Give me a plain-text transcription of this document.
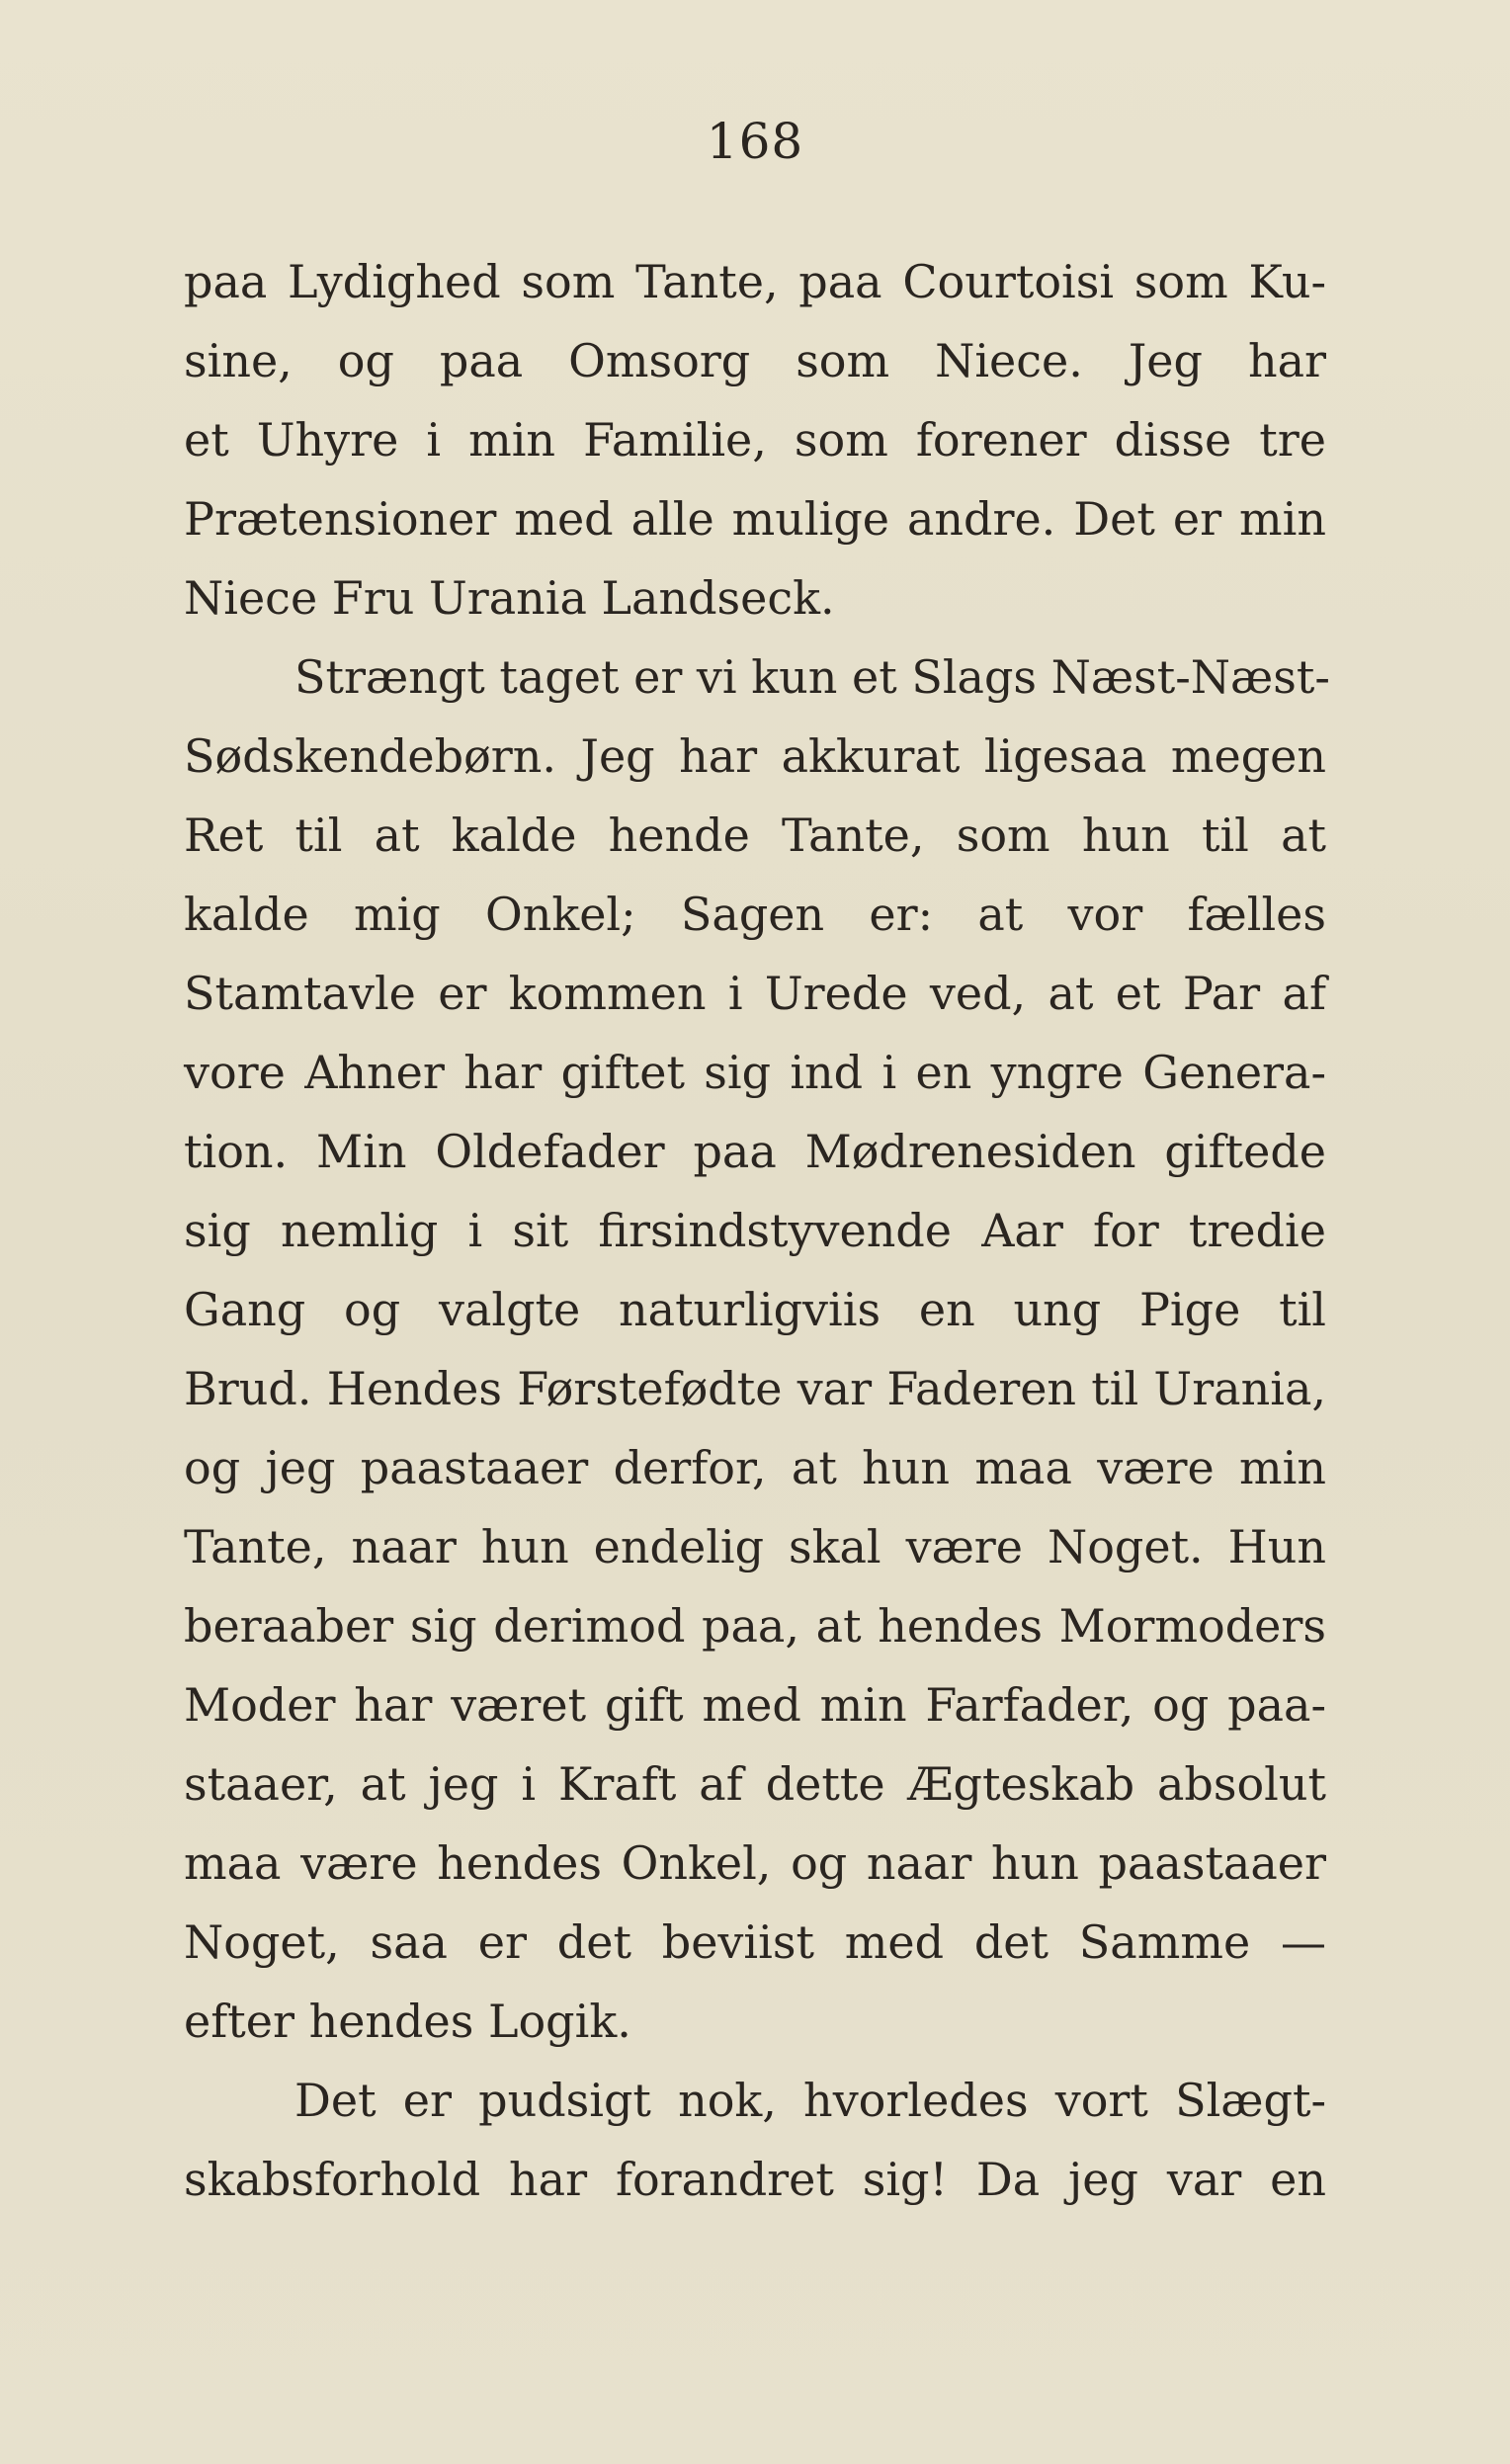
168
paa Lydighed som Tante, paa Courtoisi som Ku-
sine, og paa Omsorg som Niece. Jeg har
et Uhyre i min Familie, som forener disse tre
Prætensioner med alle mulige andre. Det er min
Niece Fru Urania Landseck.
Strængt taget er vi kun et Slags Næst-Næst-
Sødskendebørn. Jeg har akkurat ligesaa megen
Ret til at kalde hende Tante, som hun til at
kalde mig Onkel; Sagen er: at vor fælles
Stamtavle er kommen i Urede ved, at et Par af
vore Ahner har giftet sig ind i en yngre Genera-
tion. Min Oldefader paa Mødrenesiden giftede
sig nemlig i sit firsindstyvende Aar for tredie
Gang og valgte naturligviis en ung Pige til
Brud. Hendes Førstefødte var Faderen til Urania,
og jeg paastaaer derfor, at hun maa være min
Tante, naar hun endelig skal være Noget. Hun
beraaber sig derimod paa, at hendes Mormoders
Moder har været gift med min Farfader, og paa-
staaer, at jeg i Kraft af dette Ægteskab absolut
maa være hendes Onkel, og naar hun paastaaer
Noget, saa er det beviist med det Samme —
efter hendes Logik.
Det er pudsigt nok, hvorledes vort Slægt-
skabsforhold har forandret sig! Da jeg var en
